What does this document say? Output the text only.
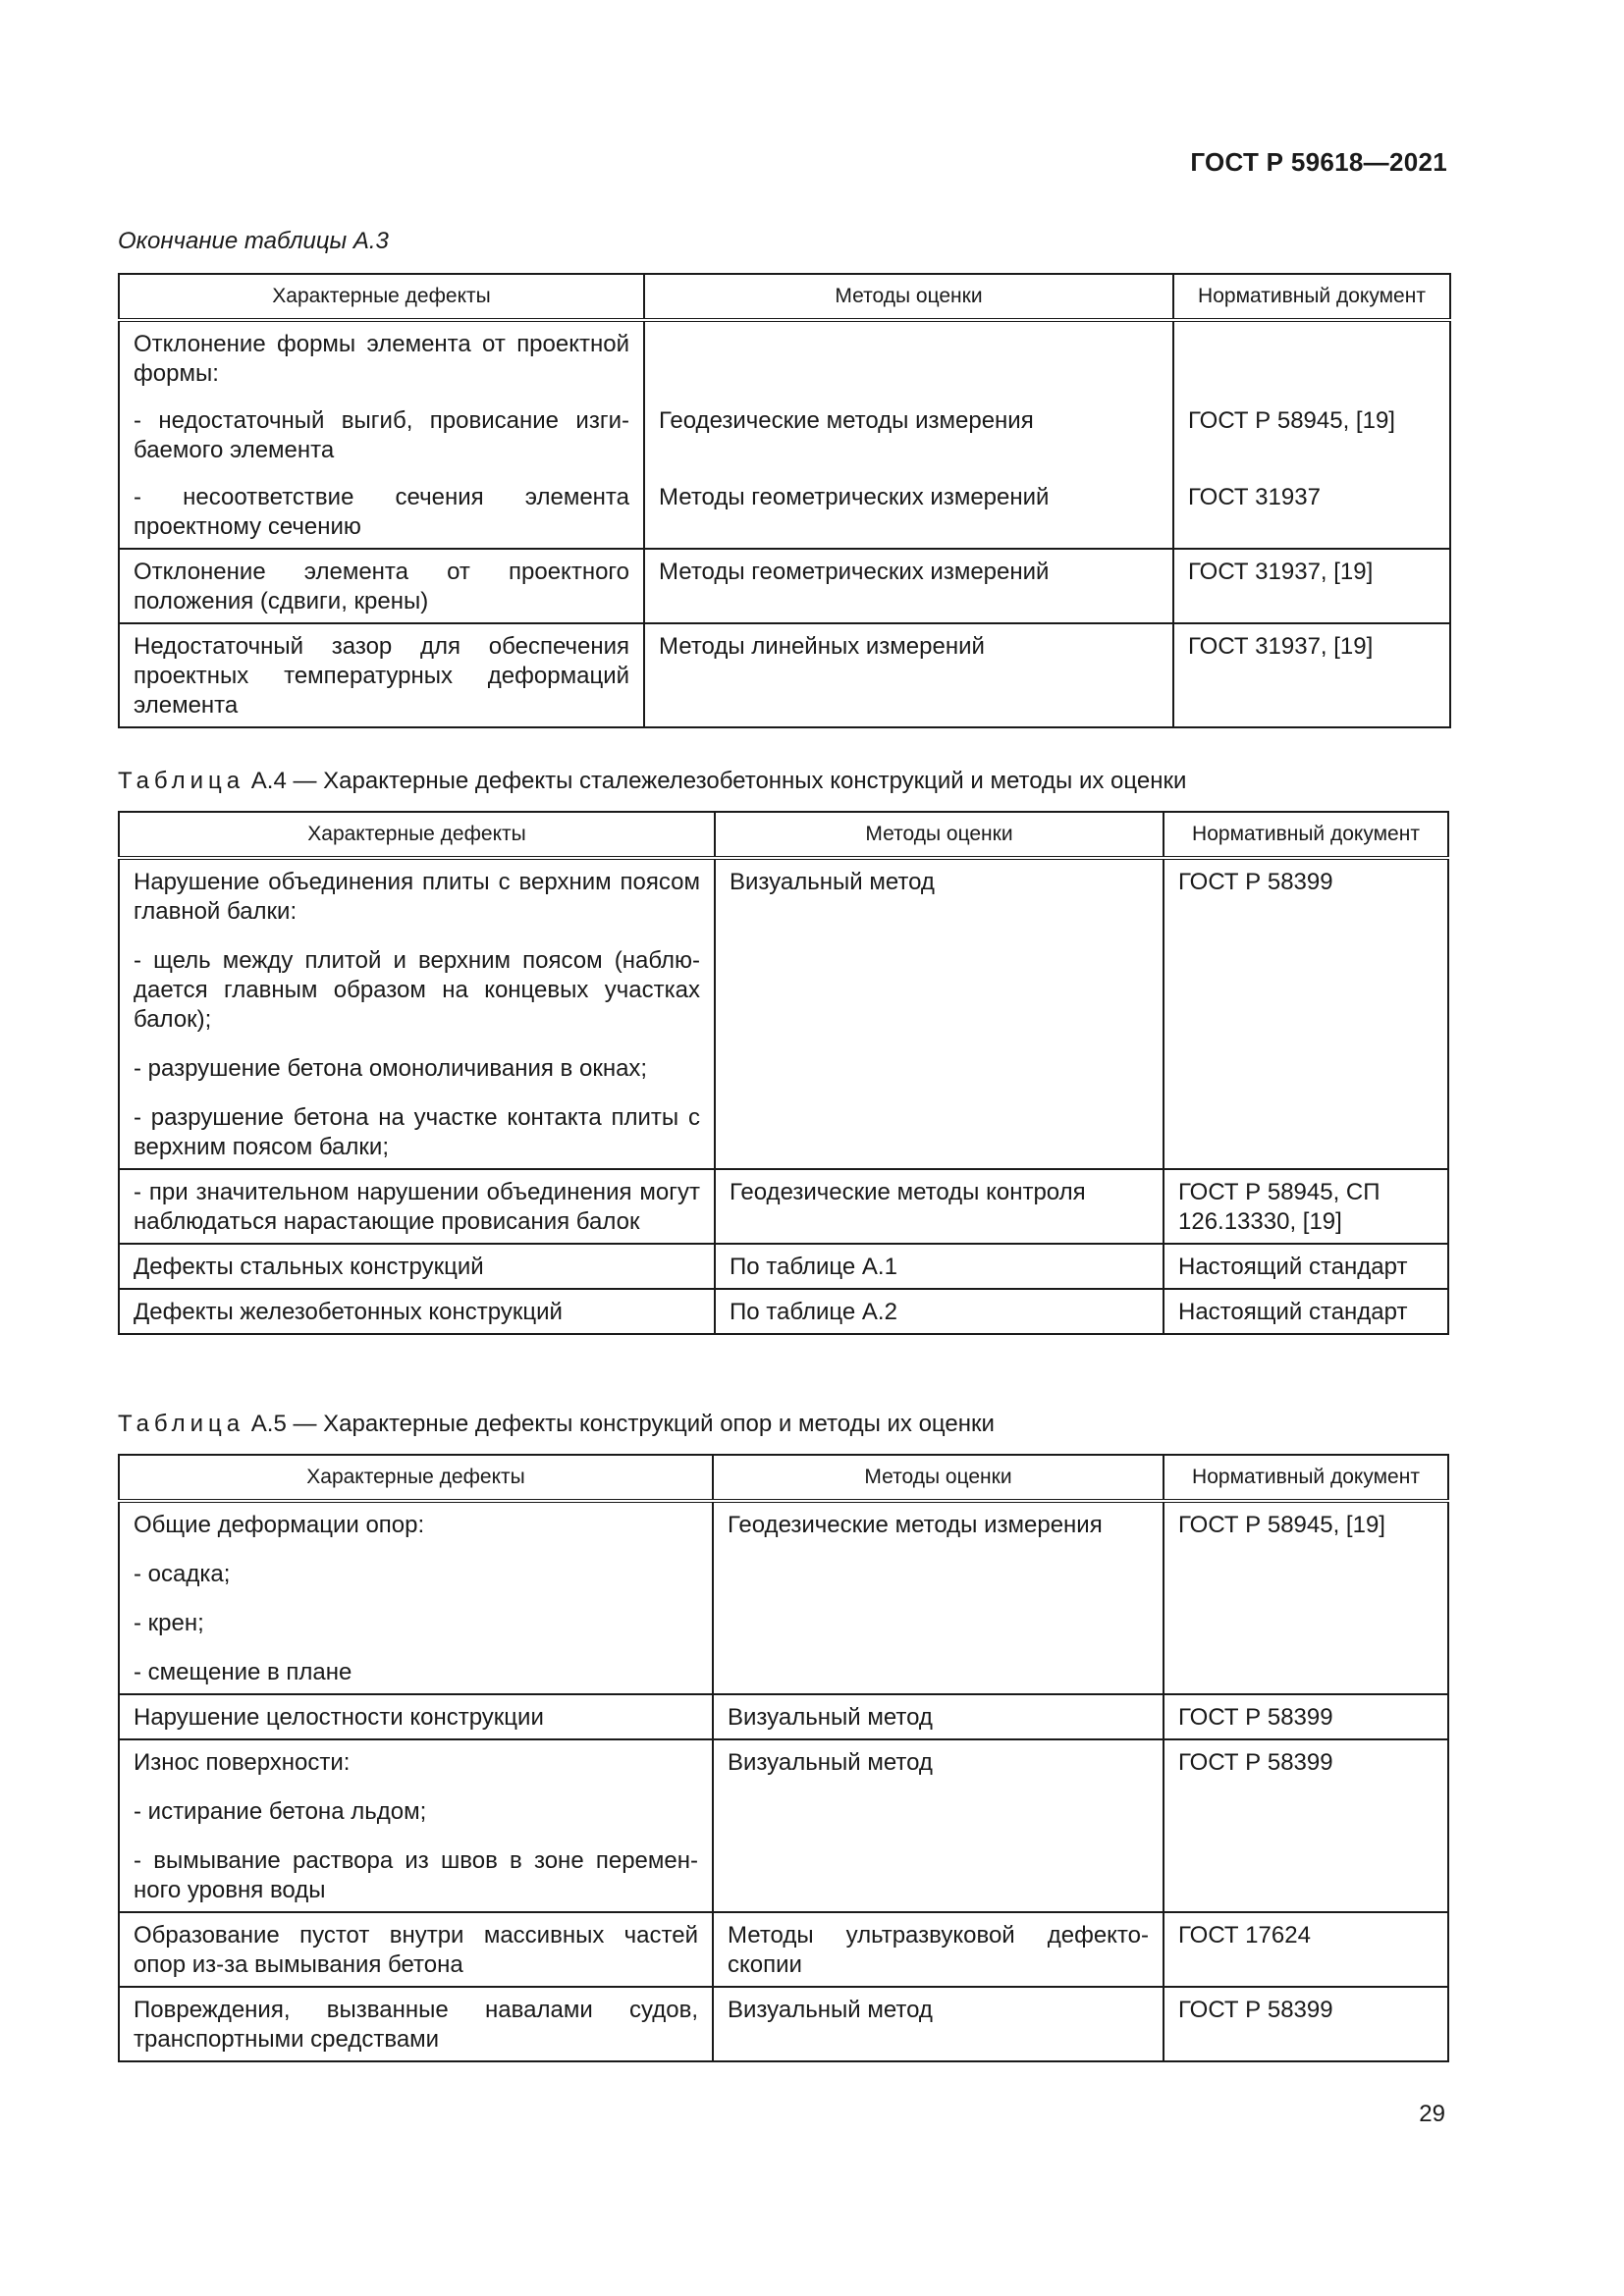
ГОСТ Р 59618—2021
Окончание таблицы А.3
Характерные дефекты	Методы оценки	Нормативный документ
Отклонение формы элемента от проектной формы:		
- недостаточный выгиб, провисание изги-баемого элемента	Геодезические методы измерения	ГОСТ Р 58945, [19]
- несоответствие сечения элемента проектному сечению	Методы геометрических измерений	ГОСТ 31937
Отклонение элемента от проектного положения (сдвиги, крены)	Методы геометрических измерений	ГОСТ 31937, [19]
Недостаточный зазор для обеспечения проектных температурных деформаций элемента	Методы линейных измерений	ГОСТ 31937, [19]
Таблица А.4 — Характерные дефекты сталежелезобетонных конструкций и методы их оценки
Характерные дефекты	Методы оценки	Нормативный документ

Нарушение объединения плиты с верхним поясом главной балки:

- щель между плитой и верхним поясом (наблю-дается главным образом на концевых участках балок);

- разрушение бетона омоноличивания в окнах;

- разрушение бетона на участке контакта плиты с верхним поясом балки;	Визуальный метод	ГОСТ Р 58399
- при значительном нарушении объединения могут наблюдаться нарастающие провисания балок	Геодезические методы контроля	ГОСТ Р 58945, СП 126.13330, [19]
Дефекты стальных конструкций	По таблице А.1	Настоящий стандарт
Дефекты железобетонных конструкций	По таблице А.2	Настоящий стандарт
Таблица А.5 — Характерные дефекты конструкций опор и методы их оценки
Характерные дефекты	Методы оценки	Нормативный документ

Общие деформации опор:

- осадка;

- крен;

- смещение в плане	Геодезические методы измерения	ГОСТ Р 58945, [19]
Нарушение целостности конструкции	Визуальный метод	ГОСТ Р 58399

Износ поверхности:

- истирание бетона льдом;

- вымывание раствора из швов в зоне перемен-ного уровня воды	Визуальный метод	ГОСТ Р 58399
Образование пустот внутри массивных частей опор из-за вымывания бетона	Методы ультразвуковой дефекто-скопии	ГОСТ 17624
Повреждения, вызванные навалами судов, транспортными средствами	Визуальный метод	ГОСТ Р 58399
29
